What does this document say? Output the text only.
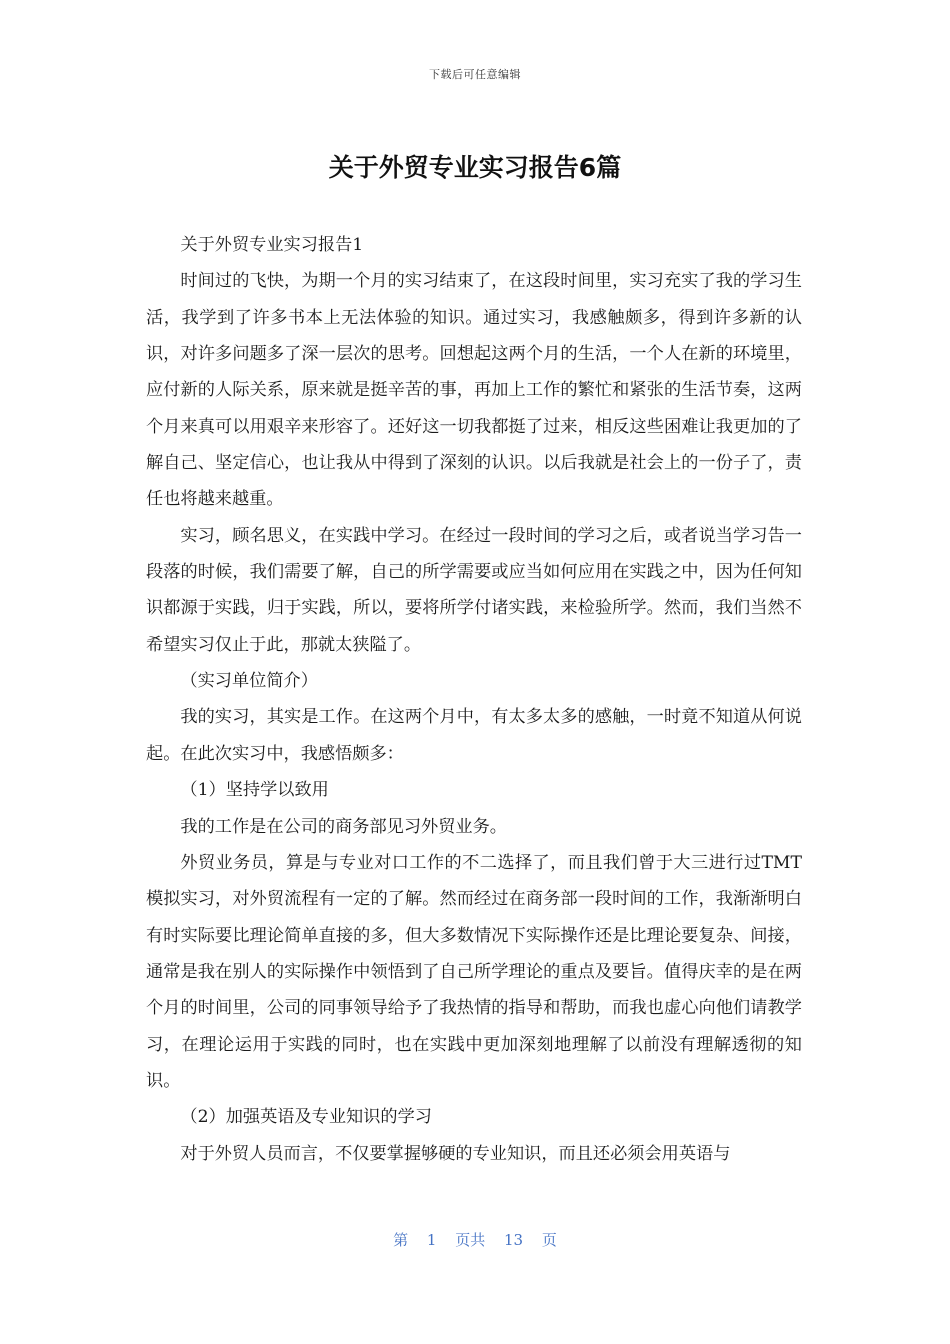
下载后可任意编辑
关于外贸专业实习报告6篇

关于外贸专业实习报告1

时间过的飞快，为期一个月的实习结束了，在这段时间里，实习充实了我的学习生活，我学到了许多书本上无法体验的知识。通过实习，我感触颇多，得到许多新的认识，对许多问题多了深一层次的思考。回想起这两个月的生活，一个人在新的环境里，应付新的人际关系，原来就是挺辛苦的事，再加上工作的繁忙和紧张的生活节奏，这两个月来真可以用艰辛来形容了。还好这一切我都挺了过来，相反这些困难让我更加的了解自己、坚定信心，也让我从中得到了深刻的认识。以后我就是社会上的一份子了，责任也将越来越重。

实习，顾名思义，在实践中学习。在经过一段时间的学习之后，或者说当学习告一段落的时候，我们需要了解，自己的所学需要或应当如何应用在实践之中，因为任何知识都源于实践，归于实践，所以，要将所学付诸实践，来检验所学。然而，我们当然不希望实习仅止于此，那就太狭隘了。

（实习单位简介）

我的实习，其实是工作。在这两个月中，有太多太多的感触，一时竟不知道从何说起。在此次实习中，我感悟颇多：

（1）坚持学以致用

我的工作是在公司的商务部见习外贸业务。

外贸业务员，算是与专业对口工作的不二选择了，而且我们曾于大三进行过TMT模拟实习，对外贸流程有一定的了解。然而经过在商务部一段时间的工作，我渐渐明白有时实际要比理论简单直接的多，但大多数情况下实际操作还是比理论要复杂、间接，通常是我在别人的实际操作中领悟到了自己所学理论的重点及要旨。值得庆幸的是在两个月的时间里，公司的同事领导给予了我热情的指导和帮助，而我也虚心向他们请教学习，在理论运用于实践的同时，也在实践中更加深刻地理解了以前没有理解透彻的知识。

（2）加强英语及专业知识的学习

对于外贸人员而言，不仅要掌握够硬的专业知识，而且还必须会用英语与

第 1 页共 13 页
